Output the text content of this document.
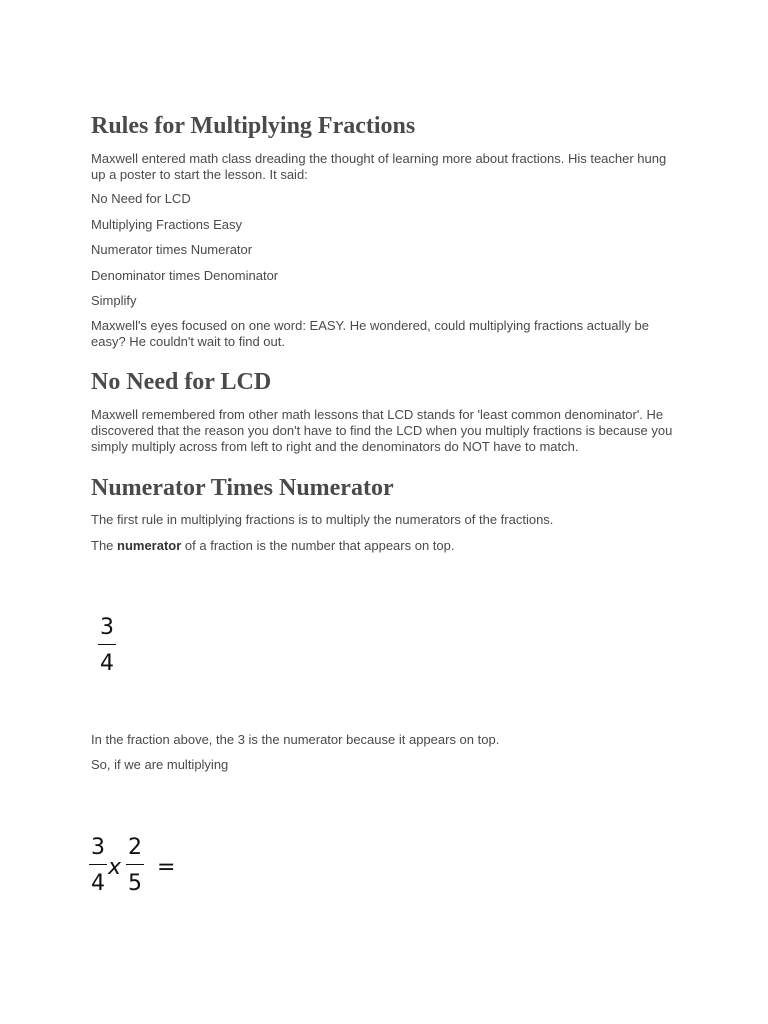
Rules for Multiplying Fractions

Maxwell entered math class dreading the thought of learning more about fractions. His teacher hung up a poster to start the lesson. It said:

No Need for LCD

Multiplying Fractions Easy

Numerator times Numerator

Denominator times Denominator

Simplify

Maxwell's eyes focused on one word: EASY. He wondered, could multiplying fractions actually be easy? He couldn't wait to find out.

No Need for LCD

Maxwell remembered from other math lessons that LCD stands for 'least common denominator'. He discovered that the reason you don't have to find the LCD when you multiply fractions is because you simply multiply across from left to right and the denominators do NOT have to match.

Numerator Times Numerator

The first rule in multiplying fractions is to multiply the numerators of the fractions.

The numerator of a fraction is the number that appears on top.

3
4

In the fraction above, the 3 is the numerator because it appears on top.

So, if we are multiplying

3
4
x
2
5
=
